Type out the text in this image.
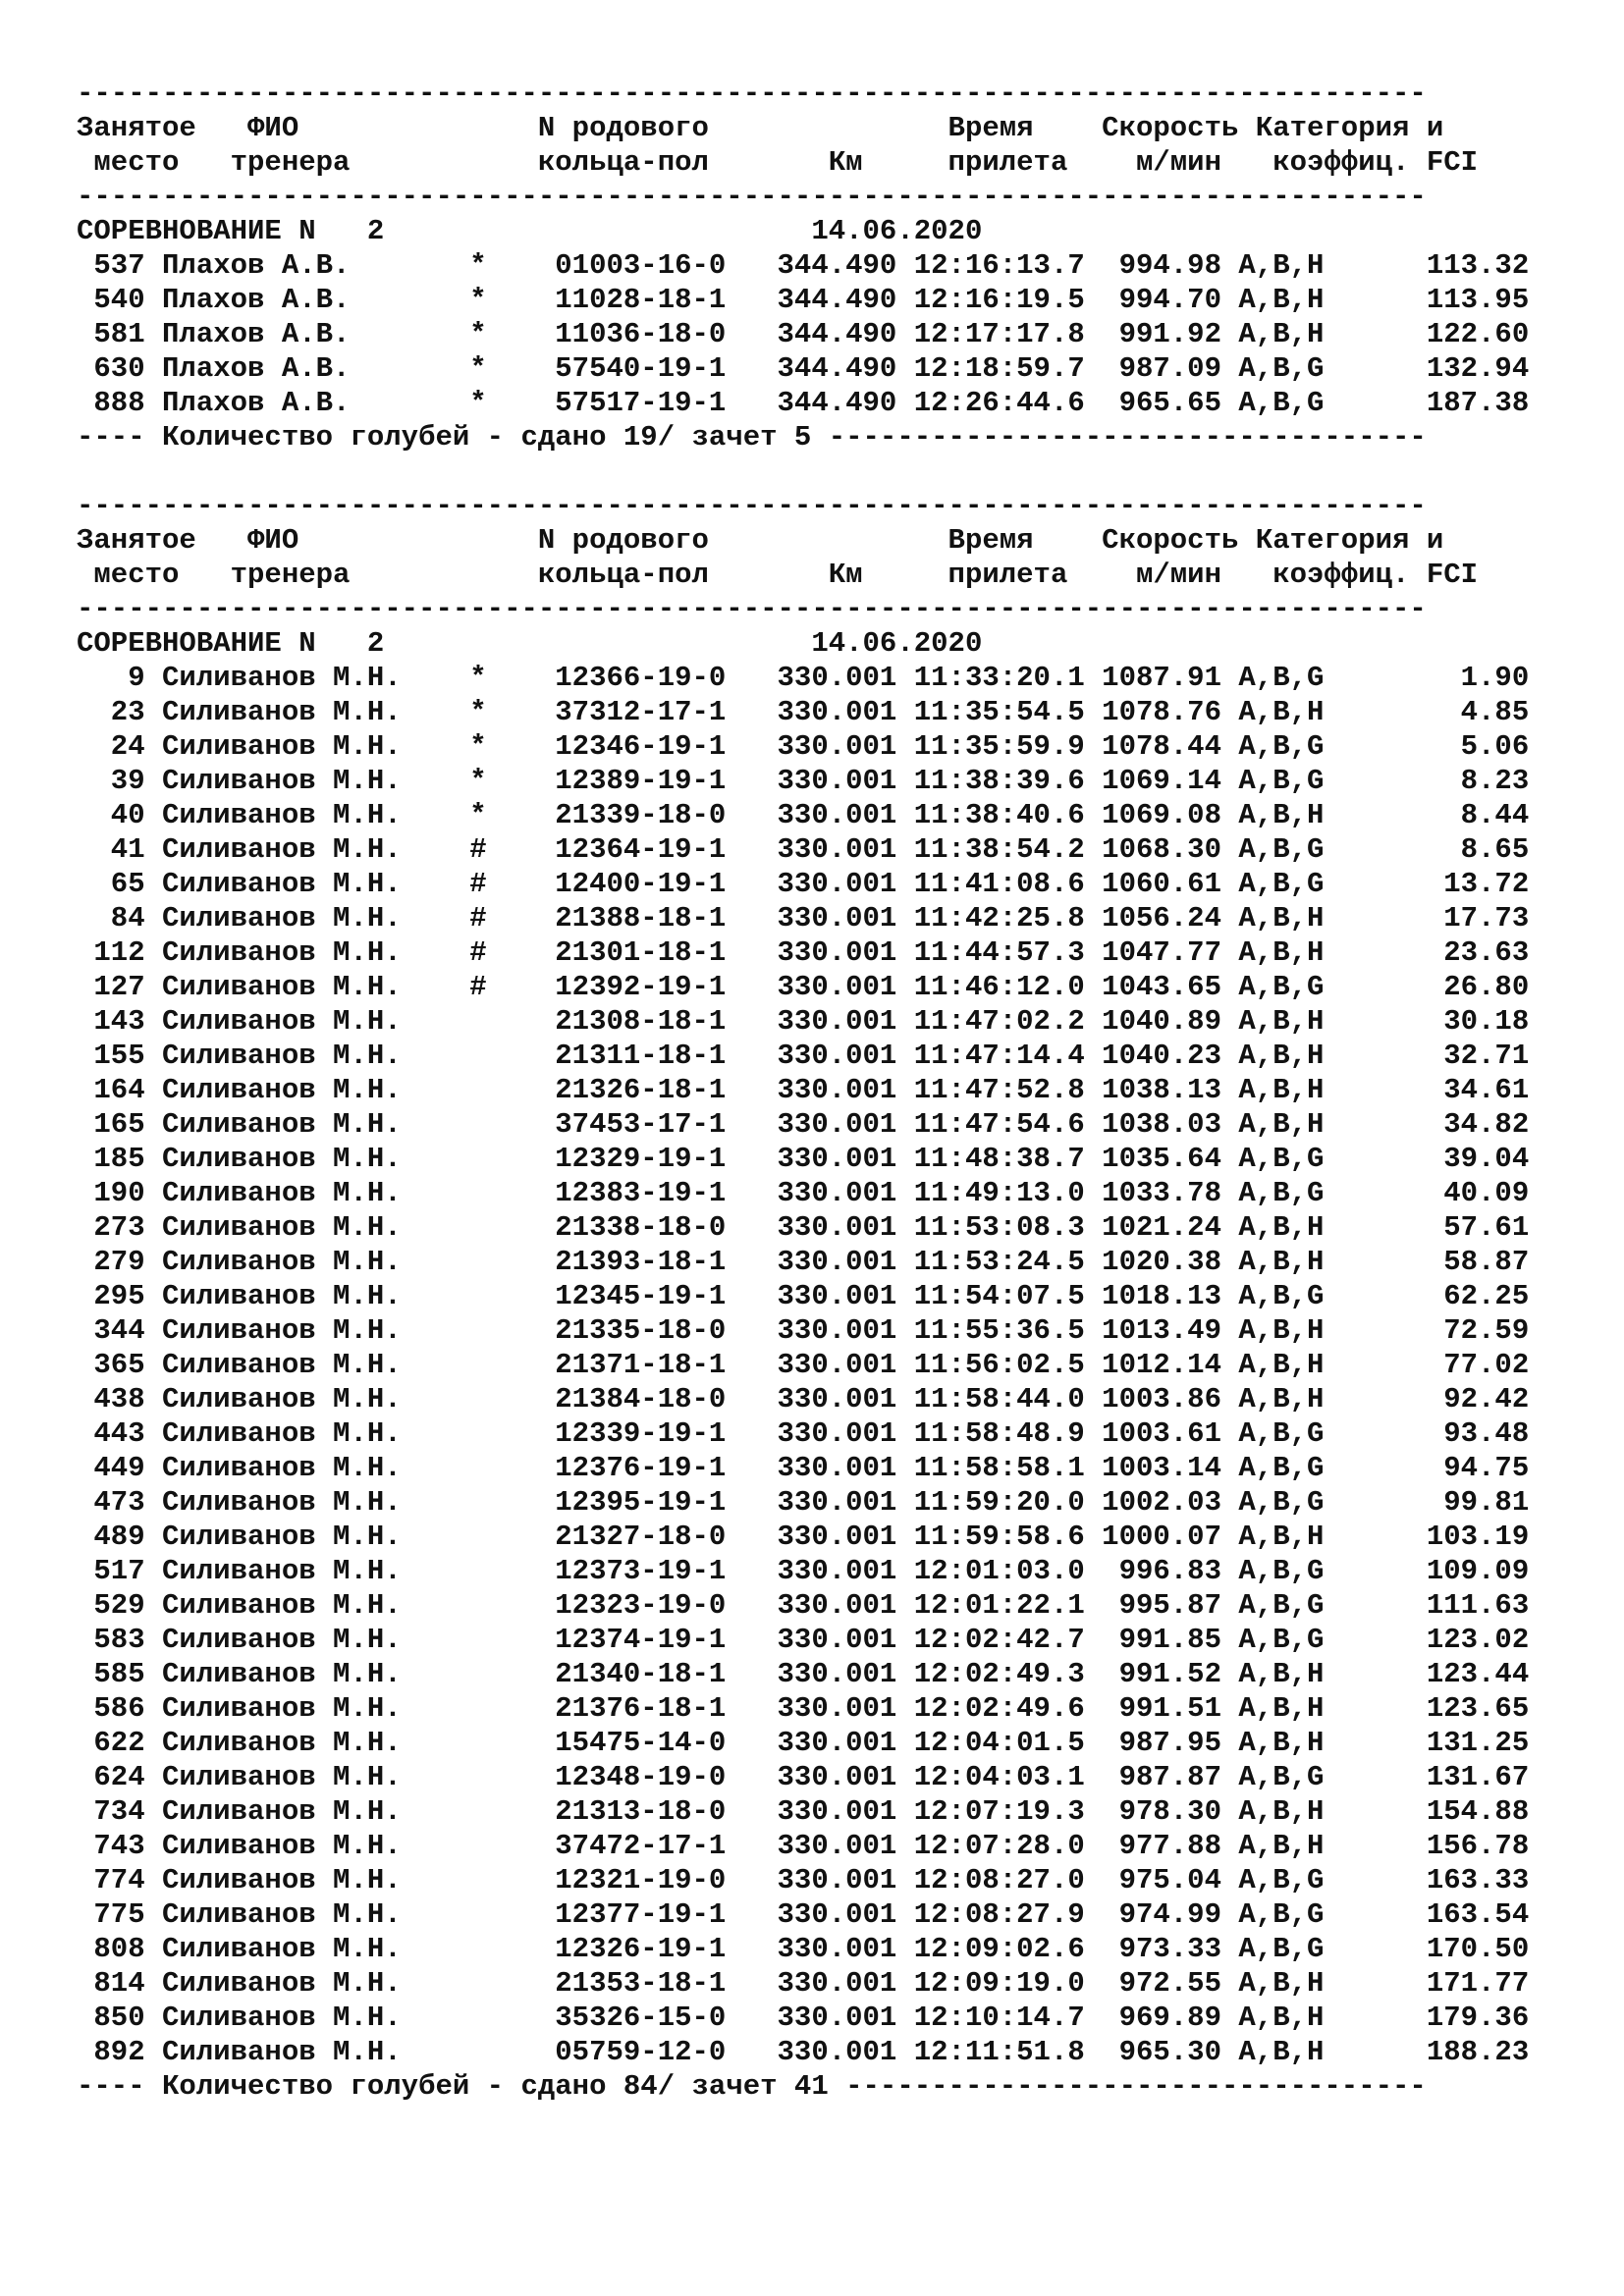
-------------------------------------------------------------------------------
Занятое   ФИО              N родового              Время    Скорость Категория и
место   тренера           кольца-пол       Км     прилета    м/мин   коэффиц. FCI
-------------------------------------------------------------------------------
СОРЕВНОВАНИЕ N   2                         14.06.2020
537 Плахов А.В.       *    01003-16-0   344.490 12:16:13.7  994.98 A,B,H      113.32
540 Плахов А.В.       *    11028-18-1   344.490 12:16:19.5  994.70 A,B,H      113.95
581 Плахов А.В.       *    11036-18-0   344.490 12:17:17.8  991.92 A,B,H      122.60
630 Плахов А.В.       *    57540-19-1   344.490 12:18:59.7  987.09 A,B,G      132.94
888 Плахов А.В.       *    57517-19-1   344.490 12:26:44.6  965.65 A,B,G      187.38
---- Количество голубей - сдано 19/ зачет 5 -----------------------------------
-------------------------------------------------------------------------------
Занятое   ФИО              N родового              Время    Скорость Категория и
место   тренера           кольца-пол       Км     прилета    м/мин   коэффиц. FCI
-------------------------------------------------------------------------------
СОРЕВНОВАНИЕ N   2                         14.06.2020
9 Силиванов М.Н.    *    12366-19-0   330.001 11:33:20.1 1087.91 A,B,G        1.90
23 Силиванов М.Н.    *    37312-17-1   330.001 11:35:54.5 1078.76 A,B,H        4.85
24 Силиванов М.Н.    *    12346-19-1   330.001 11:35:59.9 1078.44 A,B,G        5.06
39 Силиванов М.Н.    *    12389-19-1   330.001 11:38:39.6 1069.14 A,B,G        8.23
40 Силиванов М.Н.    *    21339-18-0   330.001 11:38:40.6 1069.08 A,B,H        8.44
41 Силиванов М.Н.    #    12364-19-1   330.001 11:38:54.2 1068.30 A,B,G        8.65
65 Силиванов М.Н.    #    12400-19-1   330.001 11:41:08.6 1060.61 A,B,G       13.72
84 Силиванов М.Н.    #    21388-18-1   330.001 11:42:25.8 1056.24 A,B,H       17.73
112 Силиванов М.Н.    #    21301-18-1   330.001 11:44:57.3 1047.77 A,B,H       23.63
127 Силиванов М.Н.    #    12392-19-1   330.001 11:46:12.0 1043.65 A,B,G       26.80
143 Силиванов М.Н.         21308-18-1   330.001 11:47:02.2 1040.89 A,B,H       30.18
155 Силиванов М.Н.         21311-18-1   330.001 11:47:14.4 1040.23 A,B,H       32.71
164 Силиванов М.Н.         21326-18-1   330.001 11:47:52.8 1038.13 A,B,H       34.61
165 Силиванов М.Н.         37453-17-1   330.001 11:47:54.6 1038.03 A,B,H       34.82
185 Силиванов М.Н.         12329-19-1   330.001 11:48:38.7 1035.64 A,B,G       39.04
190 Силиванов М.Н.         12383-19-1   330.001 11:49:13.0 1033.78 A,B,G       40.09
273 Силиванов М.Н.         21338-18-0   330.001 11:53:08.3 1021.24 A,B,H       57.61
279 Силиванов М.Н.         21393-18-1   330.001 11:53:24.5 1020.38 A,B,H       58.87
295 Силиванов М.Н.         12345-19-1   330.001 11:54:07.5 1018.13 A,B,G       62.25
344 Силиванов М.Н.         21335-18-0   330.001 11:55:36.5 1013.49 A,B,H       72.59
365 Силиванов М.Н.         21371-18-1   330.001 11:56:02.5 1012.14 A,B,H       77.02
438 Силиванов М.Н.         21384-18-0   330.001 11:58:44.0 1003.86 A,B,H       92.42
443 Силиванов М.Н.         12339-19-1   330.001 11:58:48.9 1003.61 A,B,G       93.48
449 Силиванов М.Н.         12376-19-1   330.001 11:58:58.1 1003.14 A,B,G       94.75
473 Силиванов М.Н.         12395-19-1   330.001 11:59:20.0 1002.03 A,B,G       99.81
489 Силиванов М.Н.         21327-18-0   330.001 11:59:58.6 1000.07 A,B,H      103.19
517 Силиванов М.Н.         12373-19-1   330.001 12:01:03.0  996.83 A,B,G      109.09
529 Силиванов М.Н.         12323-19-0   330.001 12:01:22.1  995.87 A,B,G      111.63
583 Силиванов М.Н.         12374-19-1   330.001 12:02:42.7  991.85 A,B,G      123.02
585 Силиванов М.Н.         21340-18-1   330.001 12:02:49.3  991.52 A,B,H      123.44
586 Силиванов М.Н.         21376-18-1   330.001 12:02:49.6  991.51 A,B,H      123.65
622 Силиванов М.Н.         15475-14-0   330.001 12:04:01.5  987.95 A,B,H      131.25
624 Силиванов М.Н.         12348-19-0   330.001 12:04:03.1  987.87 A,B,G      131.67
734 Силиванов М.Н.         21313-18-0   330.001 12:07:19.3  978.30 A,B,H      154.88
743 Силиванов М.Н.         37472-17-1   330.001 12:07:28.0  977.88 A,B,H      156.78
774 Силиванов М.Н.         12321-19-0   330.001 12:08:27.0  975.04 A,B,G      163.33
775 Силиванов М.Н.         12377-19-1   330.001 12:08:27.9  974.99 A,B,G      163.54
808 Силиванов М.Н.         12326-19-1   330.001 12:09:02.6  973.33 A,B,G      170.50
814 Силиванов М.Н.         21353-18-1   330.001 12:09:19.0  972.55 A,B,H      171.77
850 Силиванов М.Н.         35326-15-0   330.001 12:10:14.7  969.89 A,B,H      179.36
892 Силиванов М.Н.         05759-12-0   330.001 12:11:51.8  965.30 A,B,H      188.23
---- Количество голубей - сдано 84/ зачет 41 ----------------------------------
